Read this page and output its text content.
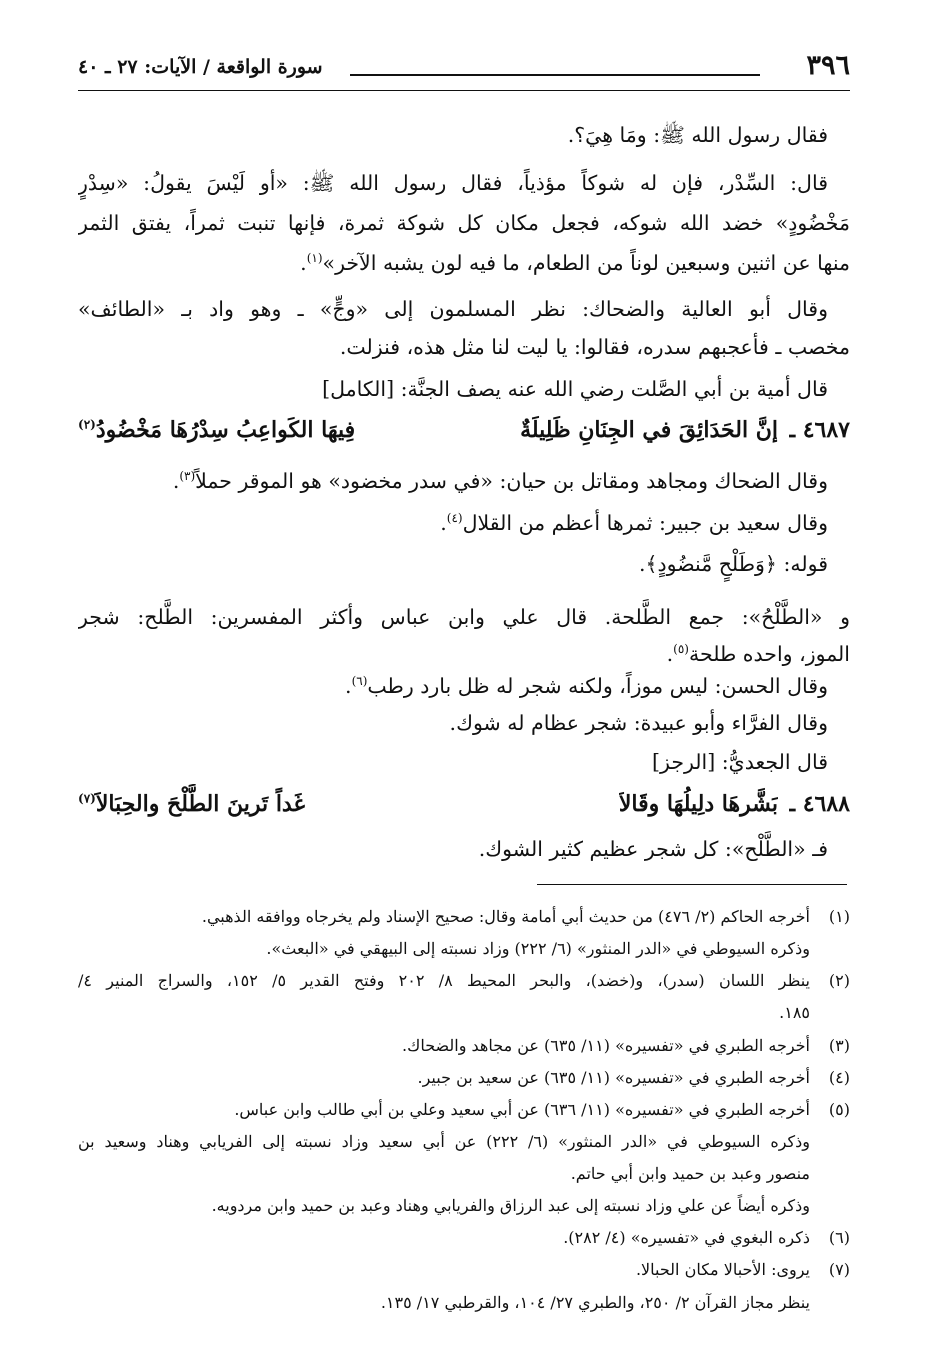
٣٩٦
سورة الواقعة / الآيات: ٢٧ ـ ٤٠
فقال رسول الله ﷺ: ومَا هِيَ؟.
قال: السِّدْر، فإن له شوكاً مؤذياً، فقال رسول الله ﷺ: «أو لَيْسَ يقولُ: «سِدْرٍ
مَخْضُودٍ» خضد الله شوكه، فجعل مكان كل شوكة ثمرة، فإنها تنبت ثمراً، يفتق الثمر
منها عن اثنين وسبعين لوناً من الطعام، ما فيه لون يشبه الآخر»$^{(١)}$.
وقال أبو العالية والضحاك: نظر المسلمون إلى «وجٍّ» ـ وهو واد بـ «الطائف»
مخصب ـ فأعجبهم سدره، فقالوا: يا ليت لنا مثل هذه، فنزلت.
قال أمية بن أبي الصَّلت رضي الله عنه يصف الجنَّة: [الكامل]
٤٦٨٧ ـ
إنَّ الحَدَائِقَ في الجِنَانِ ظَلِيلَةٌ
فِيهَا الكَواعِبُ سِدْرُهَا مَخْضُودُ$^{(٢)}$
وقال الضحاك ومجاهد ومقاتل بن حيان: «في سدر مخضود» هو الموقر حملاً$^{(٣)}$.
وقال سعيد بن جبير: ثمرها أعظم من القلال$^{(٤)}$.
قوله: ﴿وَطَلْحٍ مَّنضُودٍ﴾.
و «الطَّلْحُ»: جمع الطَّلحة. قال علي وابن عباس وأكثر المفسرين: الطَّلح: شجر
الموز، واحده طلحة$^{(٥)}$.
وقال الحسن: ليس موزاً، ولكنه شجر له ظل بارد رطب$^{(٦)}$.
وقال الفرَّاء وأبو عبيدة: شجر عظام له شوك.
قال الجعديُّ: [الرجز]
٤٦٨٨ ـ
بَشَّرهَا دلِيلُهَا وقَالاَ
غَداً تَرينَ الطَّلْحَ والحِبَالاَ$^{(٧)}$
فـ «الطَّلْح»: كل شجر عظيم كثير الشوك.
(١)
أخرجه الحاكم (٢/ ٤٧٦) من حديث أبي أمامة وقال: صحيح الإسناد ولم يخرجاه ووافقه الذهبي.
وذكره السيوطي في «الدر المنثور» (٦/ ٢٢٢) وزاد نسبته إلى البيهقي في «البعث».
(٢)
ينظر اللسان (سدر)، و(خضد)، والبحر المحيط ٨/ ٢٠٢ وفتح القدير ٥/ ١٥٢، والسراج المنير ٤/
١٨٥.
(٣)
أخرجه الطبري في «تفسيره» (١١/ ٦٣٥) عن مجاهد والضحاك.
(٤)
أخرجه الطبري في «تفسيره» (١١/ ٦٣٥) عن سعيد بن جبير.
(٥)
أخرجه الطبري في «تفسيره» (١١/ ٦٣٦) عن أبي سعيد وعلي بن أبي طالب وابن عباس.
وذكره السيوطي في «الدر المنثور» (٦/ ٢٢٢) عن أبي سعيد وزاد نسبته إلى الفريابي وهناد وسعيد بن
منصور وعبد بن حميد وابن أبي حاتم.
وذكره أيضاً عن علي وزاد نسبته إلى عبد الرزاق والفريابي وهناد وعبد بن حميد وابن مردويه.
(٦)
ذكره البغوي في «تفسيره» (٤/ ٢٨٢).
(٧)
يروى: الأحبالا مكان الحبالا.
ينظر مجاز القرآن ٢/ ٢٥٠، والطبري ٢٧/ ١٠٤، والقرطبي ١٧/ ١٣٥.
